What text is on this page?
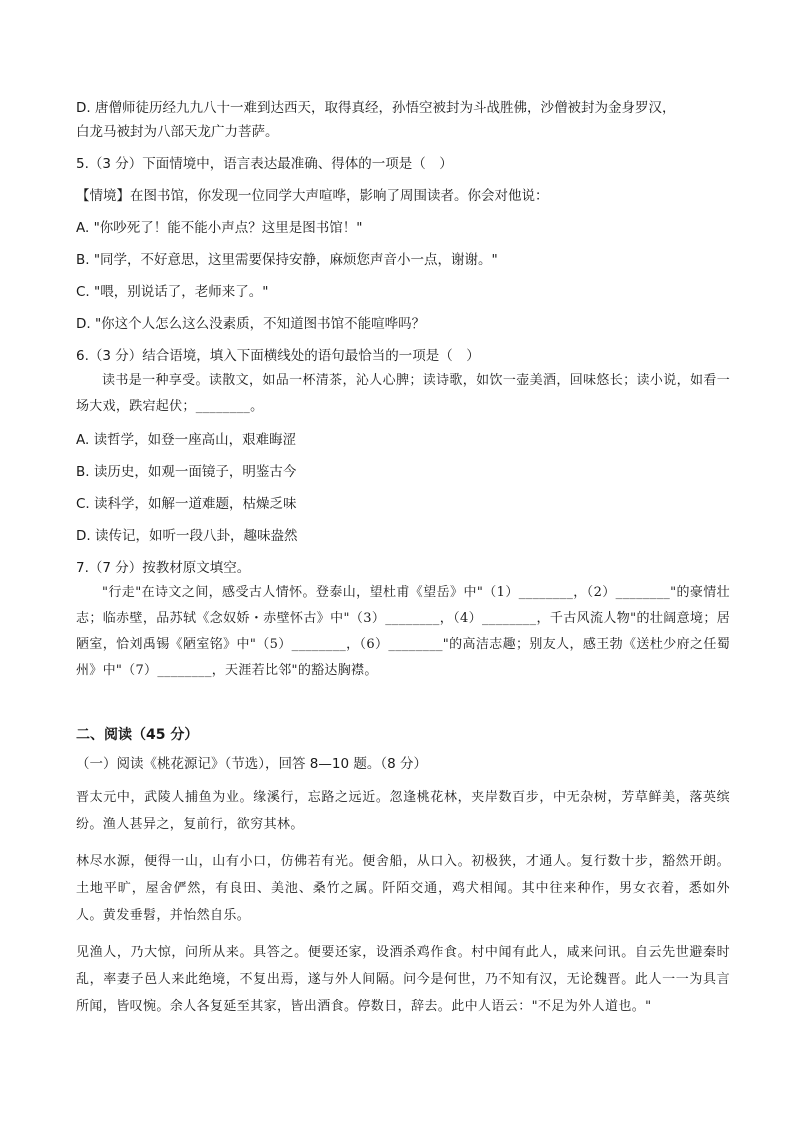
D. 唐僧师徒历经九九八十一难到达西天，取得真经，孙悟空被封为斗战胜佛，沙僧被封为金身罗汉，

白龙马被封为八部天龙广力菩萨。

5.（3 分）下面情境中，语言表达最准确、得体的一项是（　）

【情境】在图书馆，你发现一位同学大声喧哗，影响了周围读者。你会对他说：

A. "你吵死了！能不能小声点？这里是图书馆！"

B. "同学，不好意思，这里需要保持安静，麻烦您声音小一点，谢谢。"

C. "喂，别说话了，老师来了。"

D. "你这个人怎么这么没素质，不知道图书馆不能喧哗吗？

6.（3 分）结合语境，填入下面横线处的语句最恰当的一项是（　）

读书是一种享受。读散文，如品一杯清茶，沁人心脾；读诗歌，如饮一壶美酒，回味悠长；读小说，如看一场大戏，跌宕起伏；________。

A. 读哲学，如登一座高山，艰难晦涩

B. 读历史，如观一面镜子，明鉴古今

C. 读科学，如解一道难题，枯燥乏味

D. 读传记，如听一段八卦，趣味盎然

7.（7 分）按教材原文填空。

"行走"在诗文之间，感受古人情怀。登泰山，望杜甫《望岳》中"（1）________，（2）________"的豪情壮志；临赤壁，品苏轼《念奴娇・赤壁怀古》中"（3）________，（4）________，千古风流人物"的壮阔意境；居陋室，恰刘禹锡《陋室铭》中"（5）________，（6）________"的高洁志趣；别友人，感王勃《送杜少府之任蜀州》中"（7）________，天涯若比邻"的豁达胸襟。

二、阅读（45 分）

（一）阅读《桃花源记》（节选），回答 8—10 题。（8 分）

晋太元中，武陵人捕鱼为业。缘溪行，忘路之远近。忽逢桃花林，夹岸数百步，中无杂树，芳草鲜美，落英缤纷。渔人甚异之，复前行，欲穷其林。

林尽水源，便得一山，山有小口，仿佛若有光。便舍船，从口入。初极狭，才通人。复行数十步，豁然开朗。土地平旷，屋舍俨然，有良田、美池、桑竹之属。阡陌交通，鸡犬相闻。其中往来种作，男女衣着，悉如外人。黄发垂髫，并怡然自乐。

见渔人，乃大惊，问所从来。具答之。便要还家，设酒杀鸡作食。村中闻有此人，咸来问讯。自云先世避秦时乱，率妻子邑人来此绝境，不复出焉，遂与外人间隔。问今是何世，乃不知有汉，无论魏晋。此人一一为具言所闻，皆叹惋。余人各复延至其家，皆出酒食。停数日，辞去。此中人语云："不足为外人道也。"
